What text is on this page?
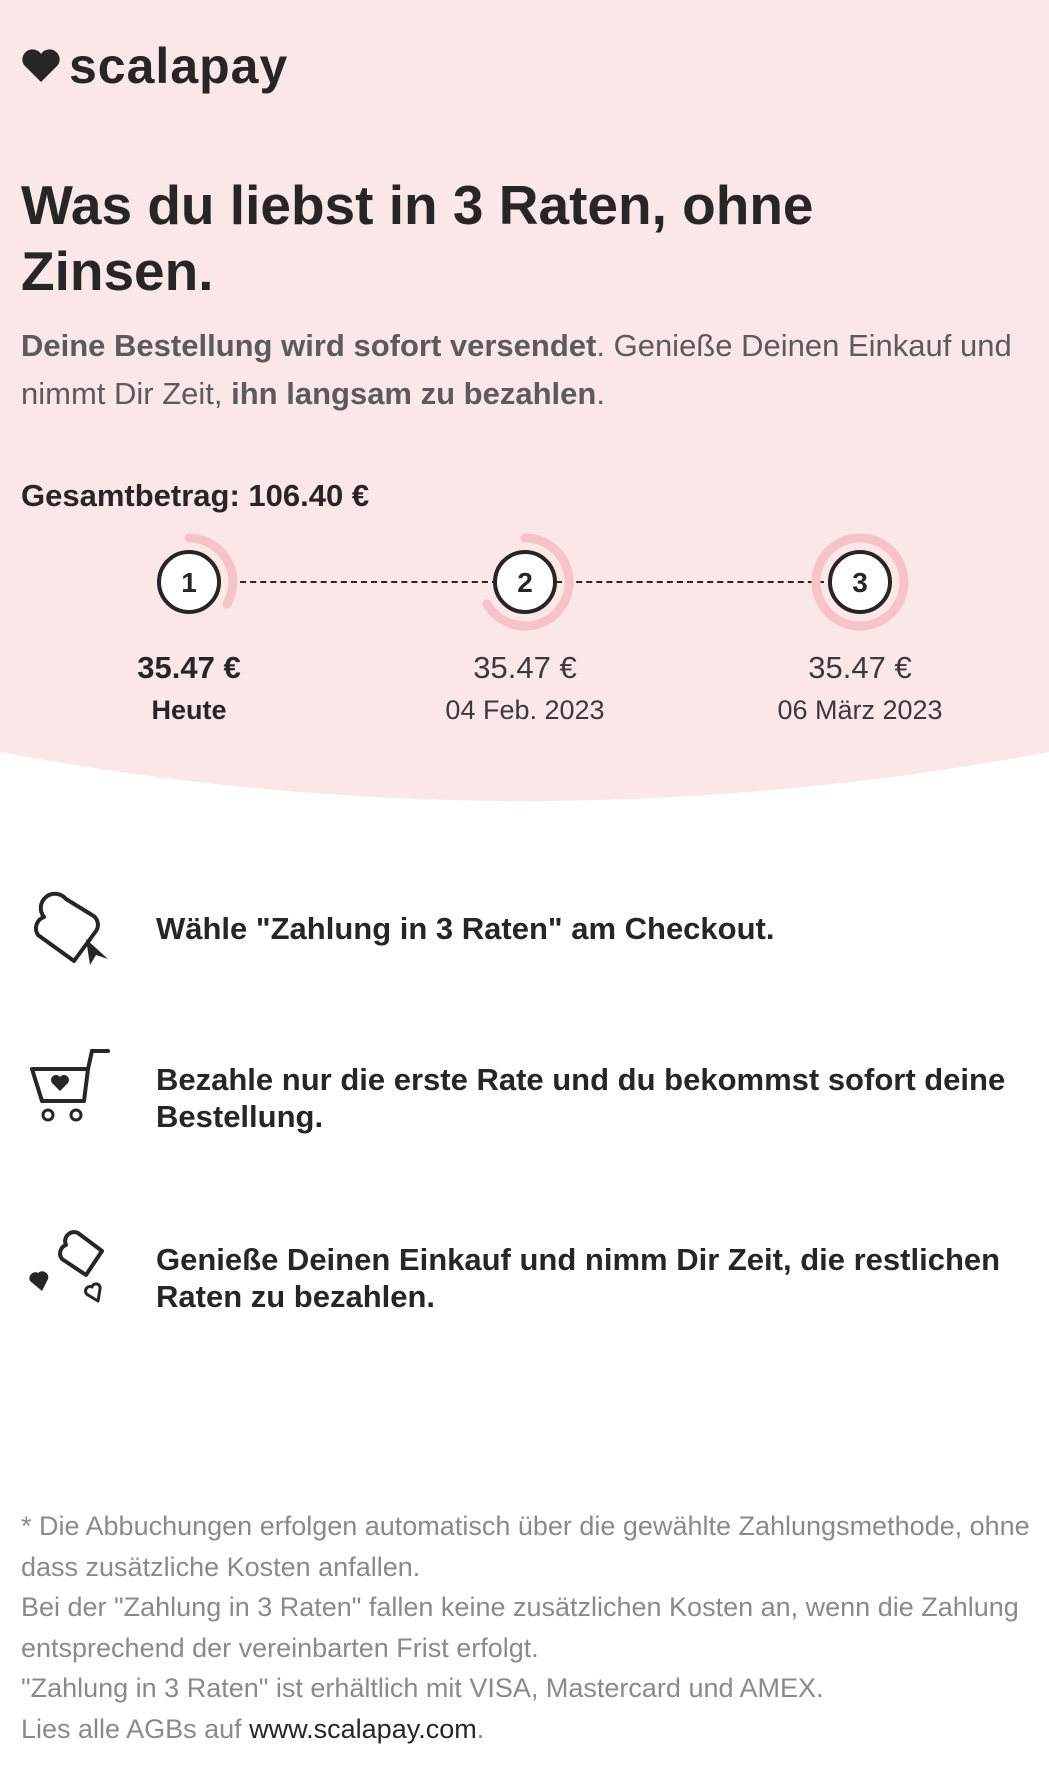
scalapay
Was du liebst in 3 Raten, ohne Zinsen.

Deine Bestellung wird sofort versendet. Genieße Deinen Einkauf und nimmt Dir Zeit, ihn langsam zu bezahlen.

Gesamtbetrag: 106.40 €
1
35.47 €
Heute
2
35.47 €
04 Feb. 2023
3
35.47 €
06 März 2023
Wähle "Zahlung in 3 Raten" am Checkout.
Bezahle nur die erste Rate und du bekommst sofort deine Bestellung.
Genieße Deinen Einkauf und nimm Dir Zeit, die restlichen Raten zu bezahlen.

* Die Abbuchungen erfolgen automatisch über die gewählte Zahlungsmethode, ohne dass zusätzliche Kosten anfallen.

Bei der "Zahlung in 3 Raten" fallen keine zusätzlichen Kosten an, wenn die Zahlung entsprechend der vereinbarten Frist erfolgt.

"Zahlung in 3 Raten" ist erhältlich mit VISA, Mastercard und AMEX.

Lies alle AGBs auf www.scalapay.com.
